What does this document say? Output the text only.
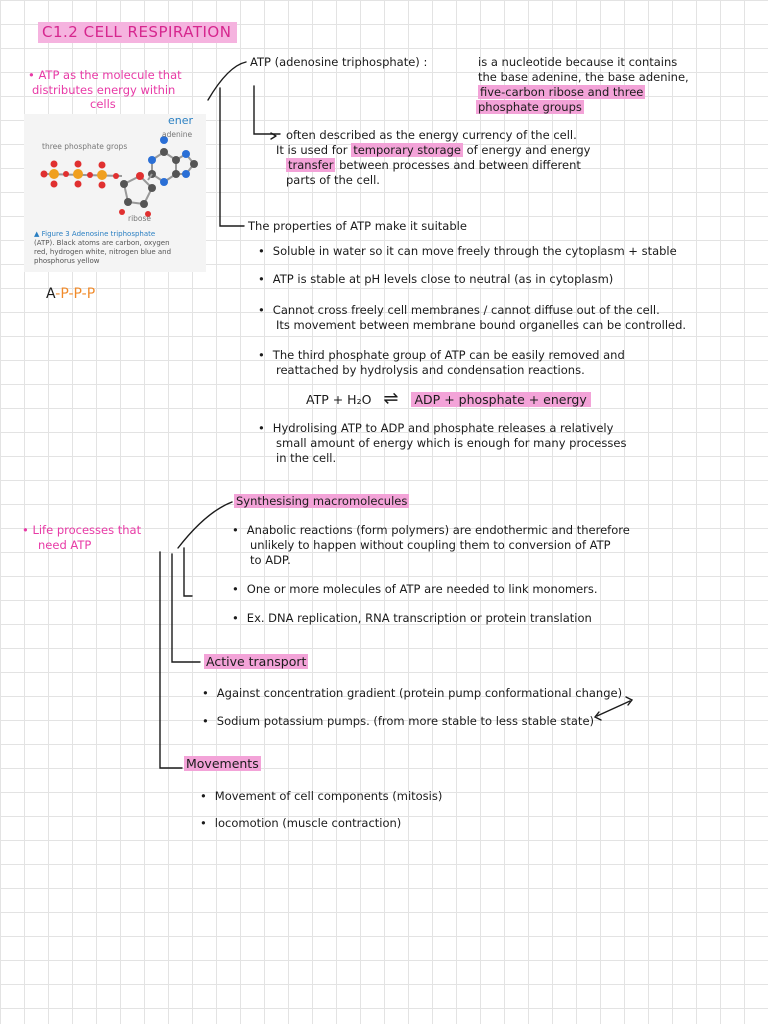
C1.2 CELL RESPIRATION
• ATP as the molecule that
distributes energy within
cells
ener
three phosphate grops
adenine
ribose
▲ Figure 3 Adenosine triphosphate
(ATP). Black atoms are carbon, oxygen
red, hydrogen white, nitrogen blue and
phosphorus yellow
A-P-P-P
ATP (adenosine triphosphate) :	is a nucleotide because it contains
the base adenine, the base adenine,
five-carbon ribose and three
phosphate groups
often described as the energy currency of the cell.
It is used for temporary storage of energy and energy
transfer between processes and between different
parts of the cell.
The properties of ATP make it suitable
• Soluble in water so it can move freely through the cytoplasm + stable
• ATP is stable at pH levels close to neutral (as in cytoplasm)
• Cannot cross freely cell membranes / cannot diffuse out of the cell.
Its movement between membrane bound organelles can be controlled.
• The third phosphate group of ATP can be easily removed and
reattached by hydrolysis and condensation reactions.
ATP + H₂O ⇌ ADP + phosphate + energy
• Hydrolising ATP to ADP and phosphate releases a relatively
small amount of energy which is enough for many processes
in the cell.
• Life processes that
need ATP
Synthesising macromolecules
• Anabolic reactions (form polymers) are endothermic and therefore
unlikely to happen without coupling them to conversion of ATP
to ADP.
• One or more molecules of ATP are needed to link monomers.
• Ex. DNA replication, RNA transcription or protein translation
Active transport
• Against concentration gradient (protein pump conformational change)
• Sodium potassium pumps. (from more stable to less stable state)
Movements
• Movement of cell components (mitosis)
• locomotion (muscle contraction)
